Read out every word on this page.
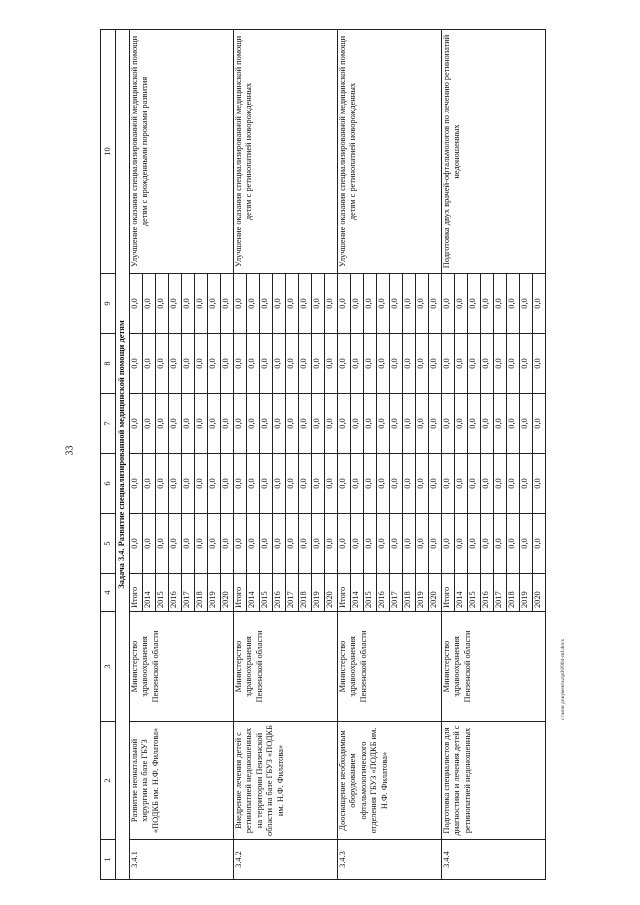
33
c:\мои документы\pd\0904-ml.docx
1	2	3	4	5	6	7	8	9	10
Задача 3.4. Развитие специализированной медицинской помощи детям									
3.4.1	Развитие неонатальной хирургии на базе ГБУЗ «ПОДКБ им. Н.Ф. Филатова»	Министерство здравоохранения Пензенской области	Итого	0,0	0,0	0,0	0,0	0,0	Улучшение оказания специализированной медицинской помощи детям с врожденными пороками развития
			2014	0,0	0,0	0,0	0,0	0,0	
			2015	0,0	0,0	0,0	0,0	0,0	
			2016	0,0	0,0	0,0	0,0	0,0	
			2017	0,0	0,0	0,0	0,0	0,0	
			2018	0,0	0,0	0,0	0,0	0,0	
			2019	0,0	0,0	0,0	0,0	0,0	
			2020	0,0	0,0	0,0	0,0	0,0	
3.4.2	Внедрение лечения детей с ретинопатией недоношенных на территории Пензенской области на базе ГБУЗ «ПОДКБ им. Н.Ф. Филатова»	Министерство здравоохранения Пензенской области	Итого	0,0	0,0	0,0	0,0	0,0	Улучшение оказания специализированной медицинской помощи детям с ретинопатией новорожденных
			2014	0,0	0,0	0,0	0,0	0,0	
			2015	0,0	0,0	0,0	0,0	0,0	
			2016	0,0	0,0	0,0	0,0	0,0	
			2017	0,0	0,0	0,0	0,0	0,0	
			2018	0,0	0,0	0,0	0,0	0,0	
			2019	0,0	0,0	0,0	0,0	0,0	
			2020	0,0	0,0	0,0	0,0	0,0	
3.4.3	Дооснащение необходимым оборудованием офтальмологического отделения ГБУЗ «ПОДКБ им. Н.Ф. Филатова»	Министерство здравоохранения Пензенской области	Итого	0,0	0,0	0,0	0,0	0,0	Улучшение оказания специализированной медицинской помощи детям с ретинопатией новорожденных
			2014	0,0	0,0	0,0	0,0	0,0	
			2015	0,0	0,0	0,0	0,0	0,0	
			2016	0,0	0,0	0,0	0,0	0,0	
			2017	0,0	0,0	0,0	0,0	0,0	
			2018	0,0	0,0	0,0	0,0	0,0	
			2019	0,0	0,0	0,0	0,0	0,0	
			2020	0,0	0,0	0,0	0,0	0,0	
3.4.4	Подготовка специалистов для диагностики и лечения детей с ретинопатией недоношенных	Министерство здравоохранения Пензенской области	Итого	0,0	0,0	0,0	0,0	0,0	Подготовка двух врачей-офтальмологов по лечению ретинопатий недоношенных
			2014	0,0	0,0	0,0	0,0	0,0	
			2015	0,0	0,0	0,0	0,0	0,0	
			2016	0,0	0,0	0,0	0,0	0,0	
			2017	0,0	0,0	0,0	0,0	0,0	
			2018	0,0	0,0	0,0	0,0	0,0	
			2019	0,0	0,0	0,0	0,0	0,0	
			2020	0,0	0,0	0,0	0,0	0,0	
